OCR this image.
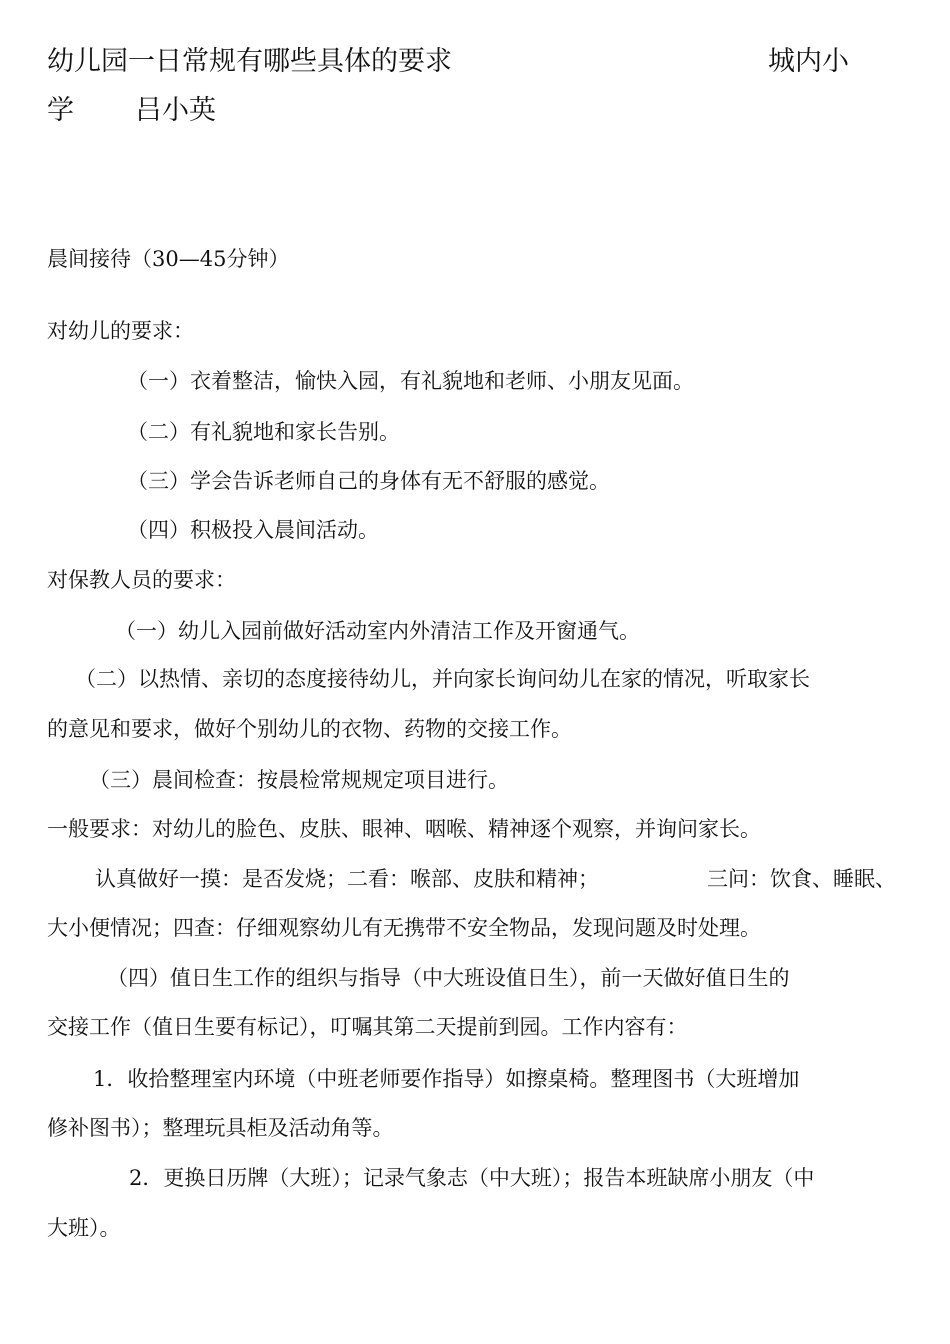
幼儿园一日常规有哪些具体的要求	城内小
学 吕小英
晨间接待（30—45分钟）
对幼儿的要求：
（一）衣着整洁，愉快入园，有礼貌地和老师、小朋友见面。
（二）有礼貌地和家长告别。
（三）学会告诉老师自己的身体有无不舒服的感觉。
（四）积极投入晨间活动。
对保教人员的要求：
（一）幼儿入园前做好活动室内外清洁工作及开窗通气。
（二）以热情、亲切的态度接待幼儿，并向家长询问幼儿在家的情况，听取家长
的意见和要求，做好个别幼儿的衣物、药物的交接工作。
（三）晨间检查：按晨检常规规定项目进行。
一般要求：对幼儿的脸色、皮肤、眼神、咽喉、精神逐个观察，并询问家长。
认真做好一摸：是否发烧；二看：喉部、皮肤和精神；	三问：饮食、睡眠、
大小便情况；四查：仔细观察幼儿有无携带不安全物品，发现问题及时处理。
（四）值日生工作的组织与指导（中大班设值日生），前一天做好值日生的
交接工作（值日生要有标记），叮嘱其第二天提前到园。工作内容有：
1．收拾整理室内环境（中班老师要作指导）如擦桌椅。整理图书（大班增加
修补图书）；整理玩具柜及活动角等。
2．更换日历牌（大班）；记录气象志（中大班）；报告本班缺席小朋友（中
大班）。
